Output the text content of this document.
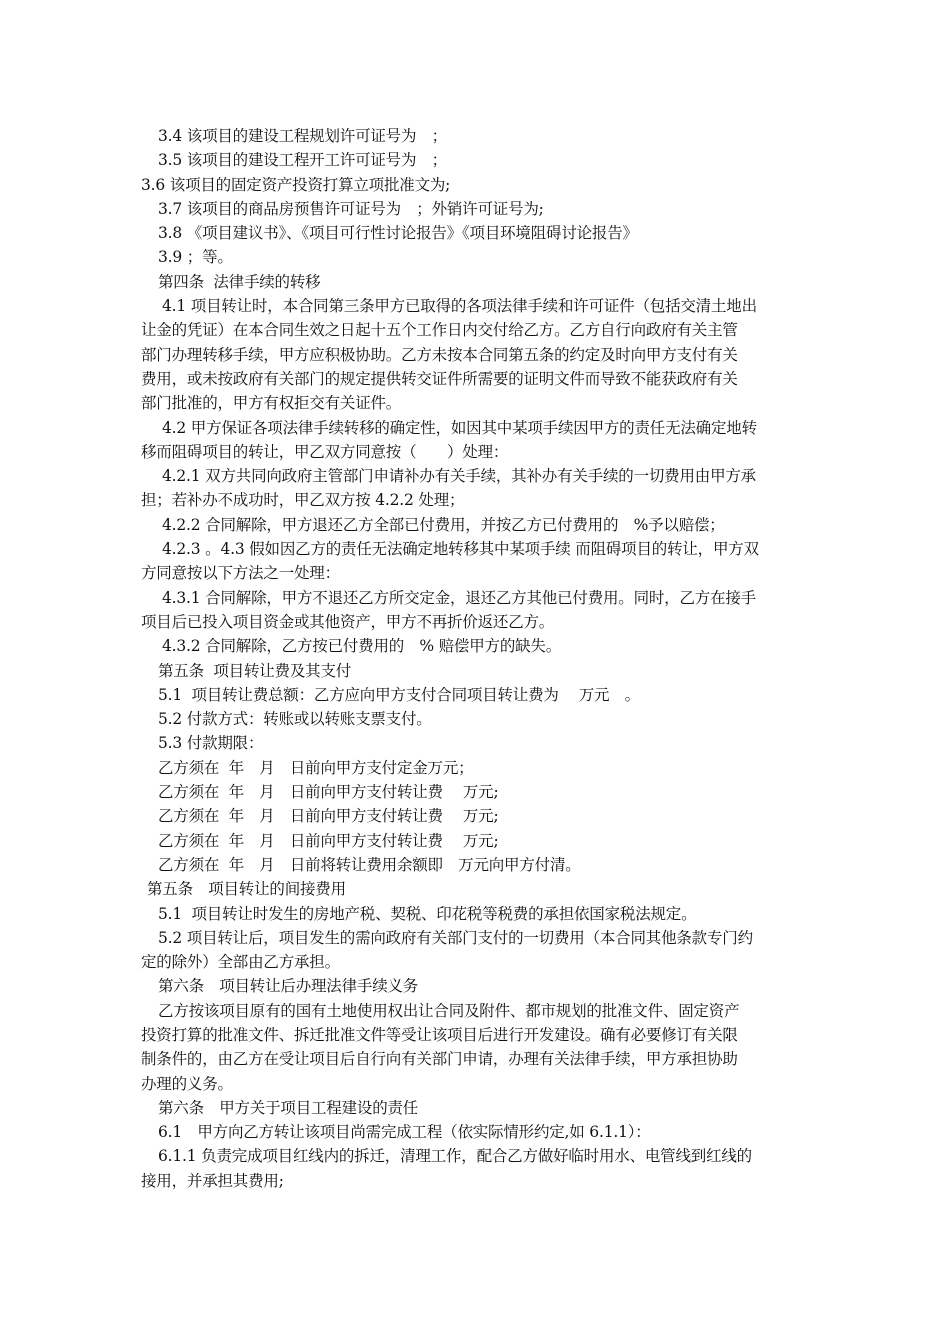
3.4 该项目的建设工程规划许可证号为　；
3.5 该项目的建设工程开工许可证号为　；
3.6 该项目的固定资产投资打算立项批准文为;
3.7 该项目的商品房预售许可证号为　；外销许可证号为;
3.8 《项目建议书》、《项目可行性讨论报告》《项目环境阻碍讨论报告》
3.9 ；等。
第四条  法律手续的转移
4.1 项目转让时，本合同第三条甲方已取得的各项法律手续和许可证件（包括交清土地出
让金的凭证）在本合同生效之日起十五个工作日内交付给乙方。乙方自行向政府有关主管
部门办理转移手续，甲方应积极协助。乙方未按本合同第五条的约定及时向甲方支付有关
费用，或未按政府有关部门的规定提供转交证件所需要的证明文件而导致不能获政府有关
部门批准的，甲方有权拒交有关证件。
4.2 甲方保证各项法律手续转移的确定性，如因其中某项手续因甲方的责任无法确定地转
移而阻碍项目的转让，甲乙双方同意按（　　）处理：
4.2.1 双方共同向政府主管部门申请补办有关手续，其补办有关手续的一切费用由甲方承
担；若补办不成功时，甲乙双方按 4.2.2 处理；
4.2.2 合同解除，甲方退还乙方全部已付费用，并按乙方已付费用的　%予以赔偿；
4.2.3 。4.3 假如因乙方的责任无法确定地转移其中某项手续 而阻碍项目的转让，甲方双
方同意按以下方法之一处理：
4.3.1 合同解除，甲方不退还乙方所交定金，退还乙方其他已付费用。同时，乙方在接手
项目后已投入项目资金或其他资产，甲方不再折价返还乙方。
4.3.2 合同解除，乙方按已付费用的　% 赔偿甲方的缺失。
第五条  项目转让费及其支付
5.1  项目转让费总额：乙方应向甲方支付合同项目转让费为　 万元　。
5.2 付款方式：转账或以转账支票支付。
5.3 付款期限：
乙方须在  年　月　日前向甲方支付定金万元；
乙方须在  年　月　日前向甲方支付转让费　 万元;
乙方须在  年　月　日前向甲方支付转让费　 万元;
乙方须在  年　月　日前向甲方支付转让费　 万元;
乙方须在  年　月　日前将转让费用余额即　万元向甲方付清。
第五条　项目转让的间接费用
5.1  项目转让时发生的房地产税、契税、印花税等税费的承担依国家税法规定。
5.2 项目转让后，项目发生的需向政府有关部门支付的一切费用（本合同其他条款专门约
定的除外）全部由乙方承担。
第六条　项目转让后办理法律手续义务
乙方按该项目原有的国有土地使用权出让合同及附件、都市规划的批准文件、固定资产
投资打算的批准文件、拆迁批准文件等受让该项目后进行开发建设。确有必要修订有关限
制条件的，由乙方在受让项目后自行向有关部门申请，办理有关法律手续，甲方承担协助
办理的义务。
第六条　甲方关于项目工程建设的责任
6.1　甲方向乙方转让该项目尚需完成工程（依实际情形约定,如 6.1.1）：
6.1.1 负责完成项目红线内的拆迁，清理工作，配合乙方做好临时用水、电管线到红线的
接用，并承担其费用;
